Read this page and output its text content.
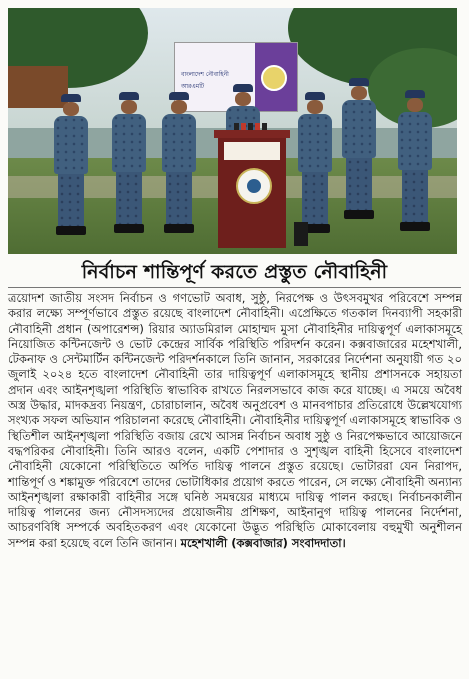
বাংলাদেশ নৌবাহিনী
আরএমটি
নির্বাচন শান্তিপূর্ণ করতে প্রস্তুত নৌবাহিনী

ত্রয়োদশ জাতীয় সংসদ নির্বাচন ও গণভোট অবাধ, সুষ্ঠু, নিরপেক্ষ ও উৎসবমুখর পরিবেশে সম্পন্ন করার লক্ষ্যে সম্পূর্ণভাবে প্রস্তুত রয়েছে বাংলাদেশ নৌবাহিনী। এপ্রেক্ষিতে গতকাল দিনব্যাপী সহকারী নৌবাহিনী প্রধান (অপারেশন্স) রিয়ার অ্যাডমিরাল মোহাম্মদ মুসা নৌবাহিনীর দায়িত্বপূর্ণ এলাকাসমূহে নিয়োজিত কন্টিনজেন্ট ও ভোট কেন্দ্রের সার্বিক পরিস্থিতি পরিদর্শন করেন। কক্সবাজারের মহেশখালী, টেকনাফ ও সেন্টমার্টিন কন্টিনজেন্ট পরিদর্শনকালে তিনি জানান, সরকারের নির্দেশনা অনুযায়ী গত ২০ জুলাই ২০২৪ হতে বাংলাদেশ নৌবাহিনী তার দায়িত্বপূর্ণ এলাকাসমূহে স্থানীয় প্রশাসনকে সহায়তা প্রদান এবং আইনশৃঙ্খলা পরিস্থিতি স্বাভাবিক রাখতে নিরলসভাবে কাজ করে যাচ্ছে। এ সময়ে অবৈধ অস্ত্র উদ্ধার, মাদকদ্রব্য নিয়ন্ত্রণ, চোরাচালান, অবৈধ অনুপ্রবেশ ও মানবপাচার প্রতিরোধে উল্লেখযোগ্য সংখ্যক সফল অভিযান পরিচালনা করেছে নৌবাহিনী। নৌবাহিনীর দায়িত্বপূর্ণ এলাকাসমূহে স্বাভাবিক ও স্থিতিশীল আইনশৃঙ্খলা পরিস্থিতি বজায় রেখে আসন্ন নির্বাচন অবাধ সুষ্ঠু ও নিরপেক্ষভাবে আয়োজনে বদ্ধপরিকর নৌবাহিনী। তিনি আরও বলেন, একটি পেশাদার ও সুশৃঙ্খল বাহিনী হিসেবে বাংলাদেশ নৌবাহিনী যেকোনো পরিস্থিতিতে অর্পিত দায়িত্ব পালনে প্রস্তুত রয়েছে। ভোটাররা যেন নিরাপদ, শান্তিপূর্ণ ও শঙ্কামুক্ত পরিবেশে তাদের ভোটাধিকার প্রয়োগ করতে পারেন, সে লক্ষ্যে নৌবাহিনী অন্যান্য আইনশৃঙ্খলা রক্ষাকারী বাহিনীর সঙ্গে ঘনিষ্ঠ সমন্বয়ের মাধ্যমে দায়িত্ব পালন করছে। নির্বাচনকালীন দায়িত্ব পালনের জন্য নৌসদস্যদের প্রয়োজনীয় প্রশিক্ষণ, আইনানুগ দায়িত্ব পালনের নির্দেশনা, আচরণবিধি সম্পর্কে অবহিতকরণ এবং যেকোনো উদ্ভূত পরিস্থিতি মোকাবেলায় বহুমুখী অনুশীলন সম্পন্ন করা হয়েছে বলে তিনি জানান। মহেশখালী (কক্সবাজার) সংবাদদাতা।
